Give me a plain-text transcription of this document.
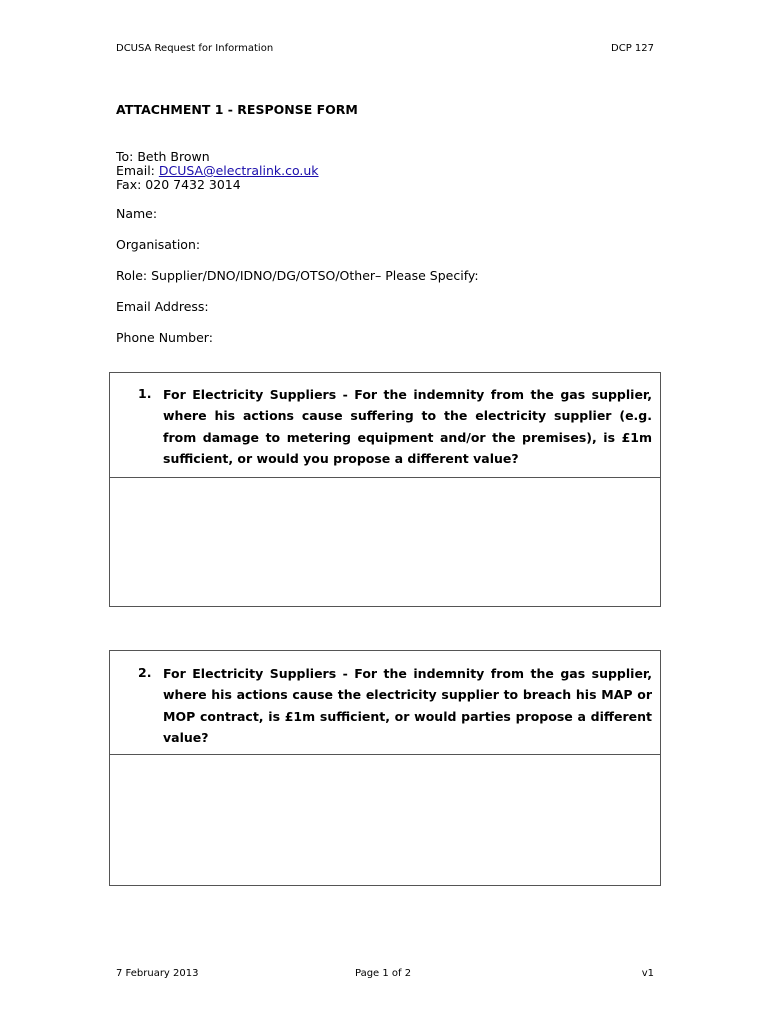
DCUSA Request for Information	DCP 127
ATTACHMENT 1 - RESPONSE FORM
To: Beth Brown
Email: DCUSA@electralink.co.uk
Fax: 020 7432 3014
Name:
Organisation:
Role: Supplier/DNO/IDNO/DG/OTSO/Other– Please Specify:
Email Address:
Phone Number:
1. For Electricity Suppliers - For the indemnity from the gas supplier, where his actions cause suffering to the electricity supplier (e.g. from damage to metering equipment and/or the premises), is £1m sufficient, or would you propose a different value?
2. For Electricity Suppliers - For the indemnity from the gas supplier, where his actions cause the electricity supplier to breach his MAP or MOP contract, is £1m sufficient, or would parties propose a different value?
7 February 2013	Page 1 of 2	v1
